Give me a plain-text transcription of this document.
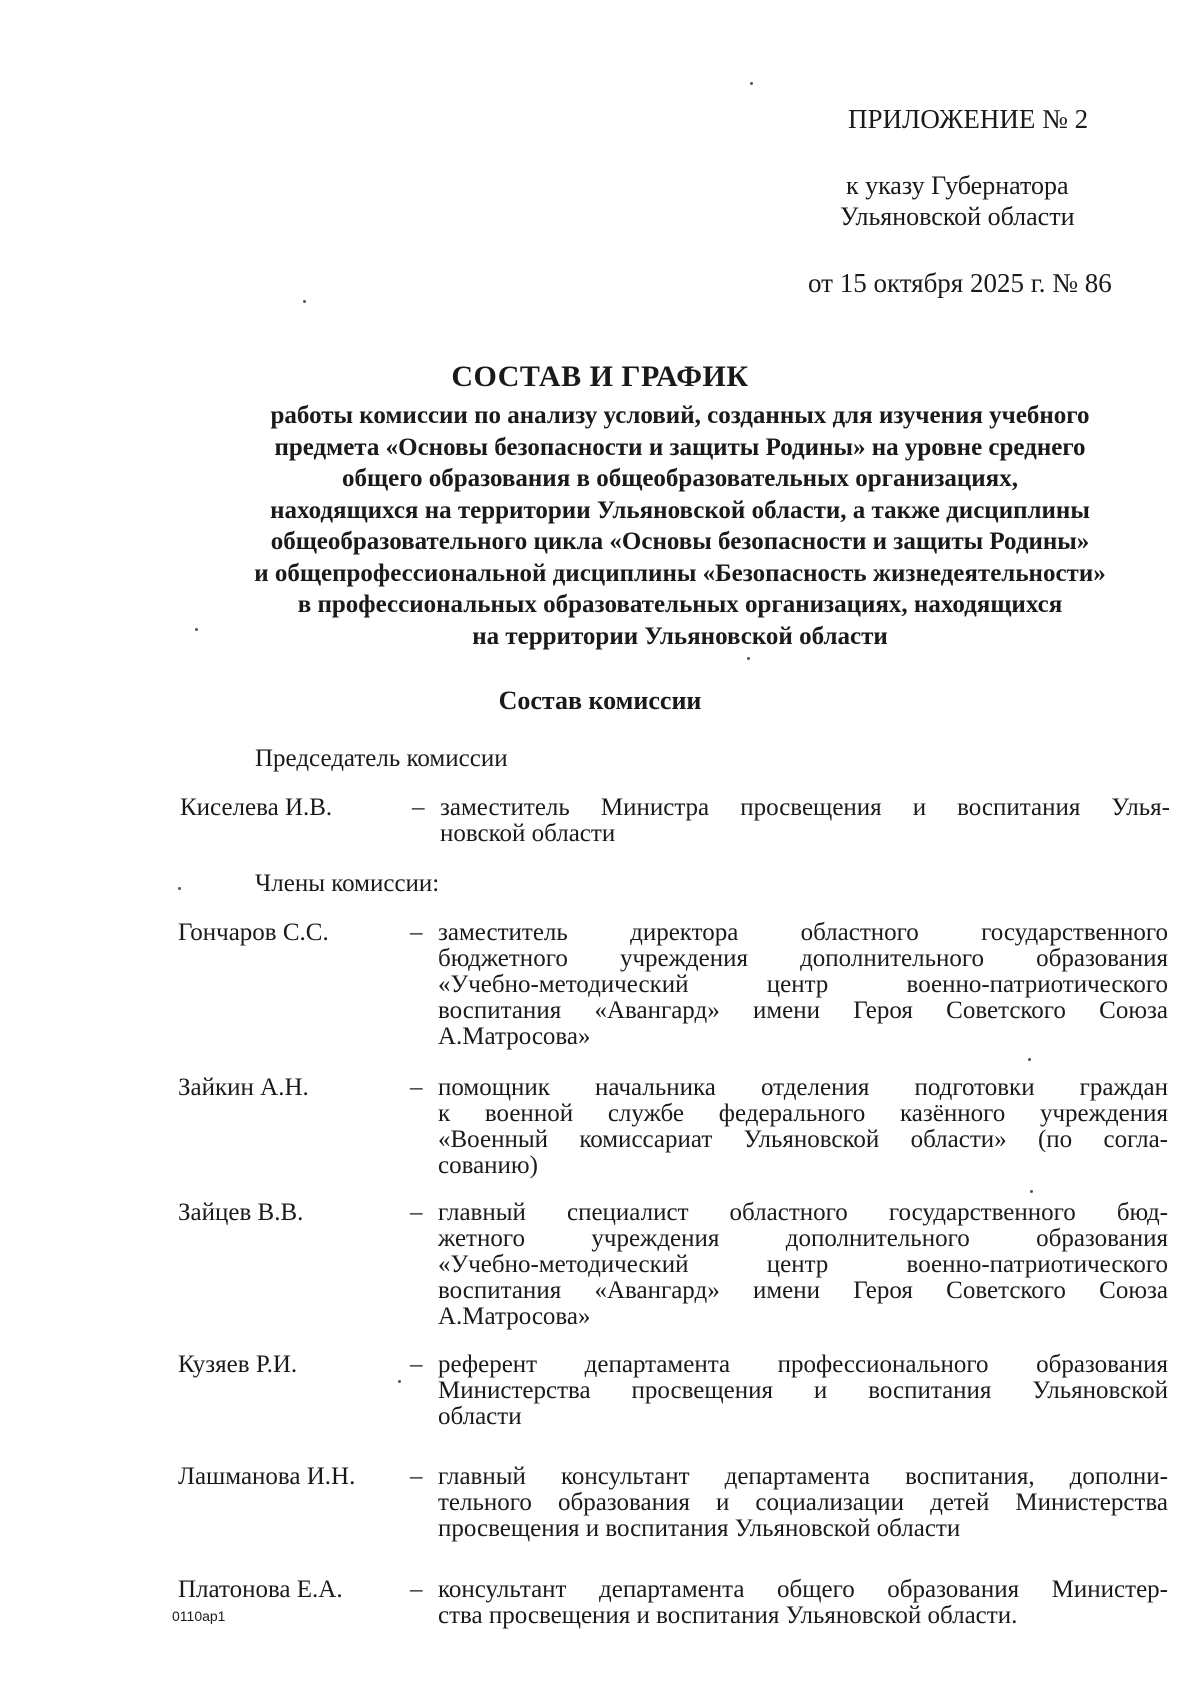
ПРИЛОЖЕНИЕ № 2
к указу Губернатора
Ульяновской области
от 15 октября 2025 г. № 86
СОСТАВ И ГРАФИК
работы комиссии по анализу условий, созданных для изучения учебного
предмета «Основы безопасности и защиты Родины» на уровне среднего
общего образования в общеобразовательных организациях,
находящихся на территории Ульяновской области, а также дисциплины
общеобразовательного цикла «Основы безопасности и защиты Родины»
и общепрофессиональной дисциплины «Безопасность жизнедеятельности»
в профессиональных образовательных организациях, находящихся
на территории Ульяновской области
Состав комиссии
Председатель комиссии
Киселева И.В.	– заместитель Министра просвещения и воспитания Улья-
новской области
Члены комиссии:
Гончаров С.С.	– заместитель директора областного государственного
бюджетного учреждения дополнительного образования
«Учебно-методический центр военно-патриотического
воспитания «Авангард» имени Героя Советского Союза
А.Матросова»
Зайкин А.Н.	– помощник начальника отделения подготовки граждан
к военной службе федерального казённого учреждения
«Военный комиссариат Ульяновской области» (по согла-
сованию)
Зайцев В.В.	– главный специалист областного государственного бюд-
жетного учреждения дополнительного образования
«Учебно-методический центр военно-патриотического
воспитания «Авангард» имени Героя Советского Союза
А.Матросова»
Кузяев Р.И.	– референт департамента профессионального образования
Министерства просвещения и воспитания Ульяновской
области
Лашманова И.Н. – главный консультант департамента воспитания, дополни-
тельного образования и социализации детей Министерства
просвещения и воспитания Ульяновской области
Платонова Е.А.	– консультант департамента общего образования Министер-
ства просвещения и воспитания Ульяновской области.
0110ap1
